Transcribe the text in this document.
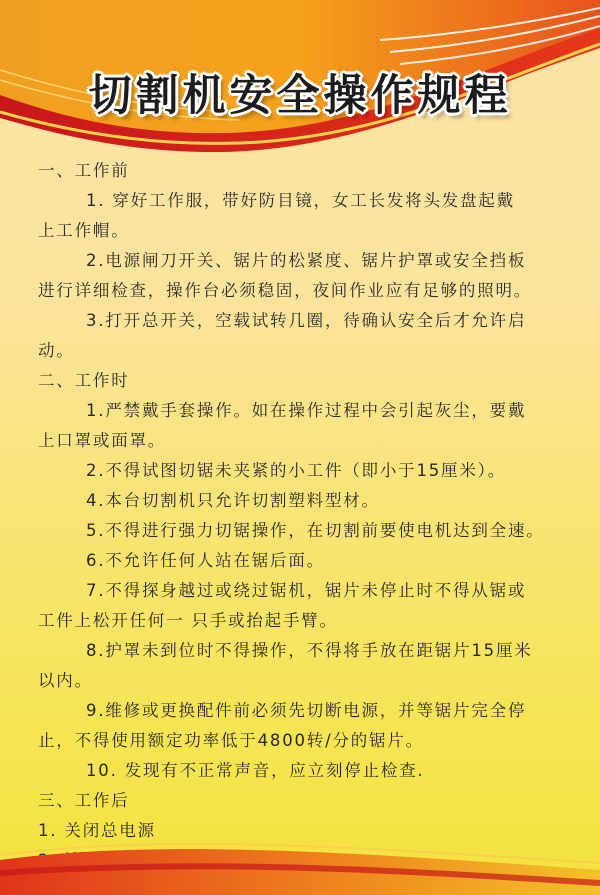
切割机安全操作规程
一、工作前
1. 穿好工作服，带好防目镜，女工长发将头发盘起戴
上工作帽。
2.电源闸刀开关、锯片的松紧度、锯片护罩或安全挡板
进行详细检查，操作台必须稳固，夜间作业应有足够的照明。
3.打开总开关，空载试转几圈，待确认安全后才允许启
动。
二、工作时
1.严禁戴手套操作。如在操作过程中会引起灰尘，要戴
上口罩或面罩。
2.不得试图切锯未夹紧的小工件（即小于15厘米）。
4.本台切割机只允许切割塑料型材。
5.不得进行强力切锯操作，在切割前要使电机达到全速。
6.不允许任何人站在锯后面。
7.不得探身越过或绕过锯机，锯片未停止时不得从锯或
工件上松开任何一 只手或抬起手臂。
8.护罩未到位时不得操作，不得将手放在距锯片15厘米
以内。
9.维修或更换配件前必须先切断电源，并等锯片完全停
止，不得使用额定功率低于4800转/分的锯片。
10. 发现有不正常声音，应立刻停止检查.
三、工作后
1. 关闭总电源
